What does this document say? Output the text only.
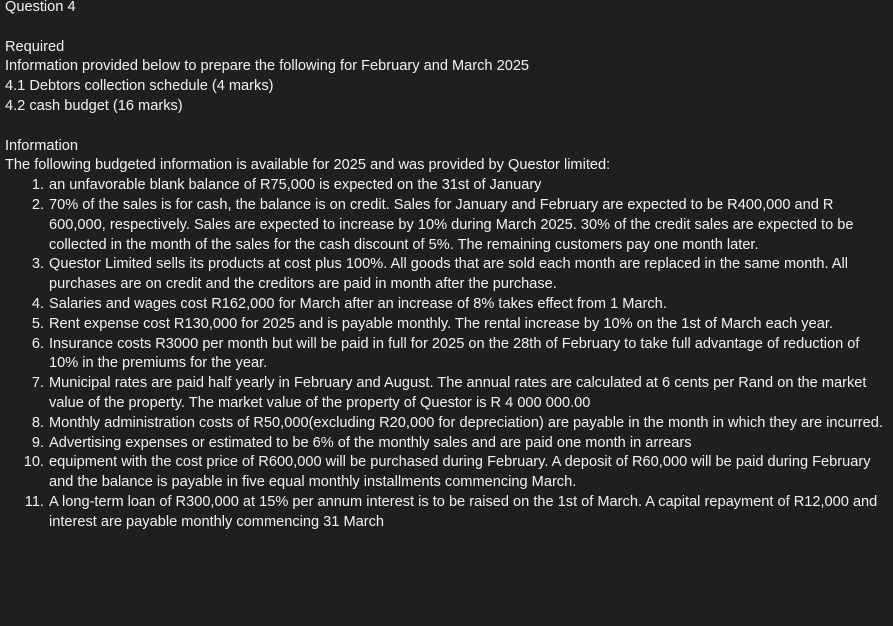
Question 4

Required

Information provided below to prepare the following for February and March 2025

4.1 Debtors collection schedule (4 marks)

4.2 cash budget (16 marks)

Information

The following budgeted information is available for 2025 and was provided by Questor limited:

1. an unfavorable blank balance of R75,000 is expected on the 31st of January
2. 70% of the sales is for cash, the balance is on credit. Sales for January and February are expected to be R400,000 and R 600,000, respectively. Sales are expected to increase by 10% during March 2025. 30% of the credit sales are expected to be collected in the month of the sales for the cash discount of 5%. The remaining customers pay one month later.
3. Questor Limited sells its products at cost plus 100%. All goods that are sold each month are replaced in the same month. All purchases are on credit and the creditors are paid in month after the purchase.
4. Salaries and wages cost R162,000 for March after an increase of 8% takes effect from 1 March.
5. Rent expense cost R130,000 for 2025 and is payable monthly. The rental increase by 10% on the 1st of March each year.
6. Insurance costs R3000 per month but will be paid in full for 2025 on the 28th of February to take full advantage of reduction of 10% in the premiums for the year.
7. Municipal rates are paid half yearly in February and August. The annual rates are calculated at 6 cents per Rand on the market value of the property. The market value of the property of Questor is R 4 000 000.00
8. Monthly administration costs of R50,000(excluding R20,000 for depreciation) are payable in the month in which they are incurred.
9. Advertising expenses or estimated to be 6% of the monthly sales and are paid one month in arrears
10. equipment with the cost price of R600,000 will be purchased during February. A deposit of R60,000 will be paid during February and the balance is payable in five equal monthly installments commencing March.
11. A long-term loan of R300,000 at 15% per annum interest is to be raised on the 1st of March. A capital repayment of R12,000 and interest are payable monthly commencing 31 March
